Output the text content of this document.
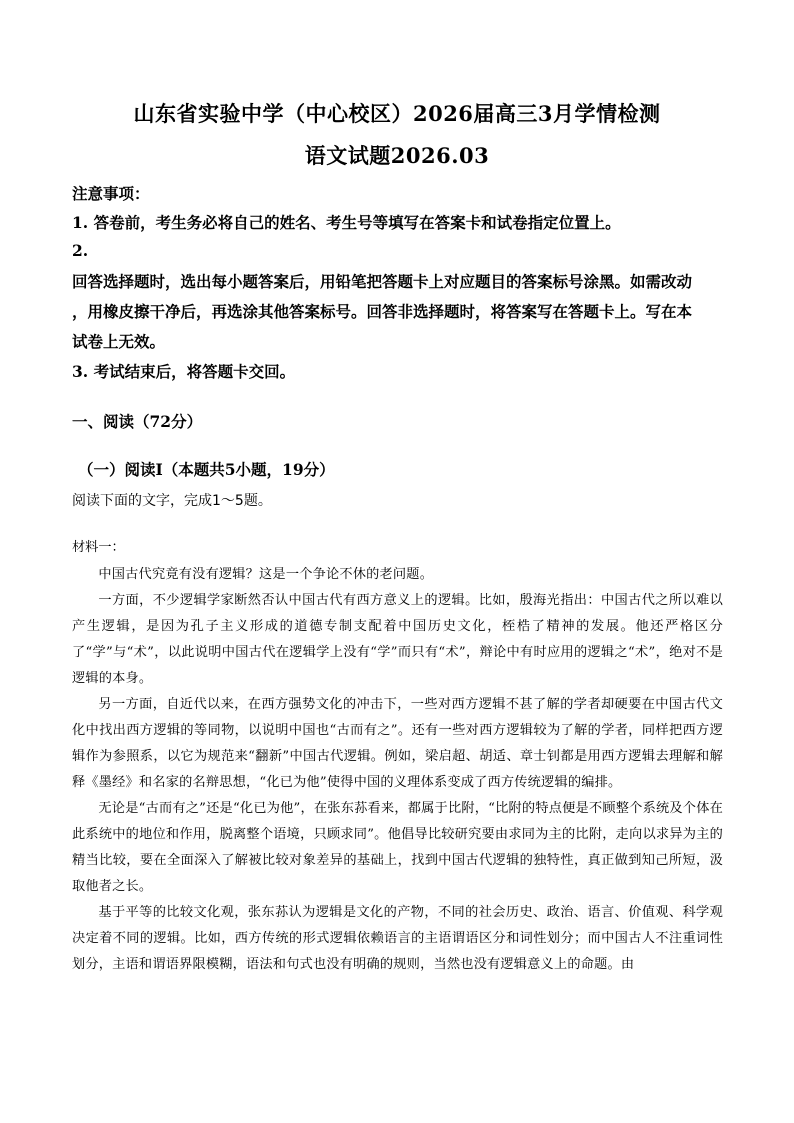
山东省实验中学（中心校区）2026届高三3月学情检测
语文试题2026.03
注意事项：
1. 答卷前，考生务必将自己的姓名、考生号等填写在答案卡和试卷指定位置上。
2.
回答选择题时，选出每小题答案后，用铅笔把答题卡上对应题目的答案标号涂黑。如需改动
，用橡皮擦干净后，再选涂其他答案标号。回答非选择题时，将答案写在答题卡上。写在本
试卷上无效。
3. 考试结束后，将答题卡交回。
一、阅读（72分）
（一）阅读Ⅰ（本题共5小题，19分）
阅读下面的文字，完成1～5题。
材料一：

中国古代究竟有没有逻辑？这是一个争论不休的老问题。

一方面，不少逻辑学家断然否认中国古代有西方意义上的逻辑。比如，殷海光指出：中国古代之所以难以产生逻辑，是因为孔子主义形成的道德专制支配着中国历史文化，桎梏了精神的发展。他还严格区分了“学”与“术”，以此说明中国古代在逻辑学上没有“学”而只有“术”，辩论中有时应用的逻辑之“术”，绝对不是逻辑的本身。

另一方面，自近代以来，在西方强势文化的冲击下，一些对西方逻辑不甚了解的学者却硬要在中国古代文化中找出西方逻辑的等同物，以说明中国也“古而有之”。还有一些对西方逻辑较为了解的学者，同样把西方逻辑作为参照系，以它为规范来“翻新”中国古代逻辑。例如，梁启超、胡适、章士钊都是用西方逻辑去理解和解释《墨经》和名家的名辩思想，“化已为他”使得中国的义理体系变成了西方传统逻辑的编排。

无论是“古而有之”还是“化已为他”，在张东荪看来，都属于比附，“比附的特点便是不顾整个系统及个体在此系统中的地位和作用，脱离整个语境，只顾求同”。他倡导比较研究要由求同为主的比附，走向以求异为主的精当比较，要在全面深入了解被比较对象差异的基础上，找到中国古代逻辑的独特性，真正做到知己所短，汲取他者之长。

基于平等的比较文化观，张东荪认为逻辑是文化的产物，不同的社会历史、政治、语言、价值观、科学观决定着不同的逻辑。比如，西方传统的形式逻辑依赖语言的主语谓语区分和词性划分；而中国古人不注重词性划分，主语和谓语界限模糊，语法和句式也没有明确的规则，当然也没有逻辑意义上的命题。由
